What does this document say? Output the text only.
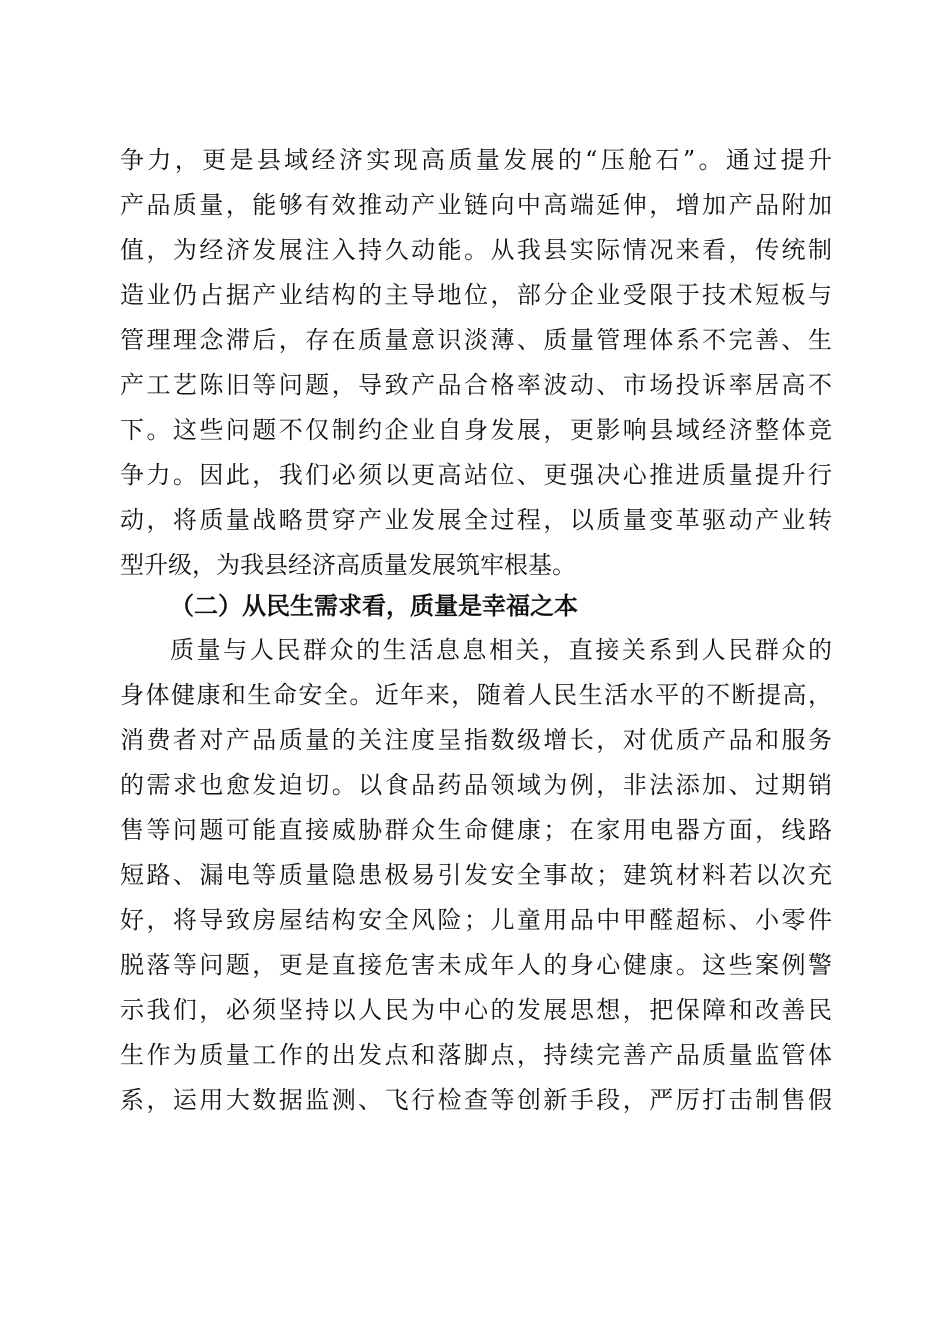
争力，更是县域经济实现高质量发展的“压舱石”。通过提升
产品质量，能够有效推动产业链向中高端延伸，增加产品附加
值，为经济发展注入持久动能。从我县实际情况来看，传统制
造业仍占据产业结构的主导地位，部分企业受限于技术短板与
管理理念滞后，存在质量意识淡薄、质量管理体系不完善、生
产工艺陈旧等问题，导致产品合格率波动、市场投诉率居高不
下。这些问题不仅制约企业自身发展，更影响县域经济整体竞
争力。因此，我们必须以更高站位、更强决心推进质量提升行
动，将质量战略贯穿产业发展全过程，以质量变革驱动产业转
型升级，为我县经济高质量发展筑牢根基。
（二）从民生需求看，质量是幸福之本
质量与人民群众的生活息息相关，直接关系到人民群众的
身体健康和生命安全。近年来，随着人民生活水平的不断提高，
消费者对产品质量的关注度呈指数级增长，对优质产品和服务
的需求也愈发迫切。以食品药品领域为例，非法添加、过期销
售等问题可能直接威胁群众生命健康；在家用电器方面，线路
短路、漏电等质量隐患极易引发安全事故；建筑材料若以次充
好，将导致房屋结构安全风险；儿童用品中甲醛超标、小零件
脱落等问题，更是直接危害未成年人的身心健康。这些案例警
示我们，必须坚持以人民为中心的发展思想，把保障和改善民
生作为质量工作的出发点和落脚点，持续完善产品质量监管体
系，运用大数据监测、飞行检查等创新手段，严厉打击制售假
